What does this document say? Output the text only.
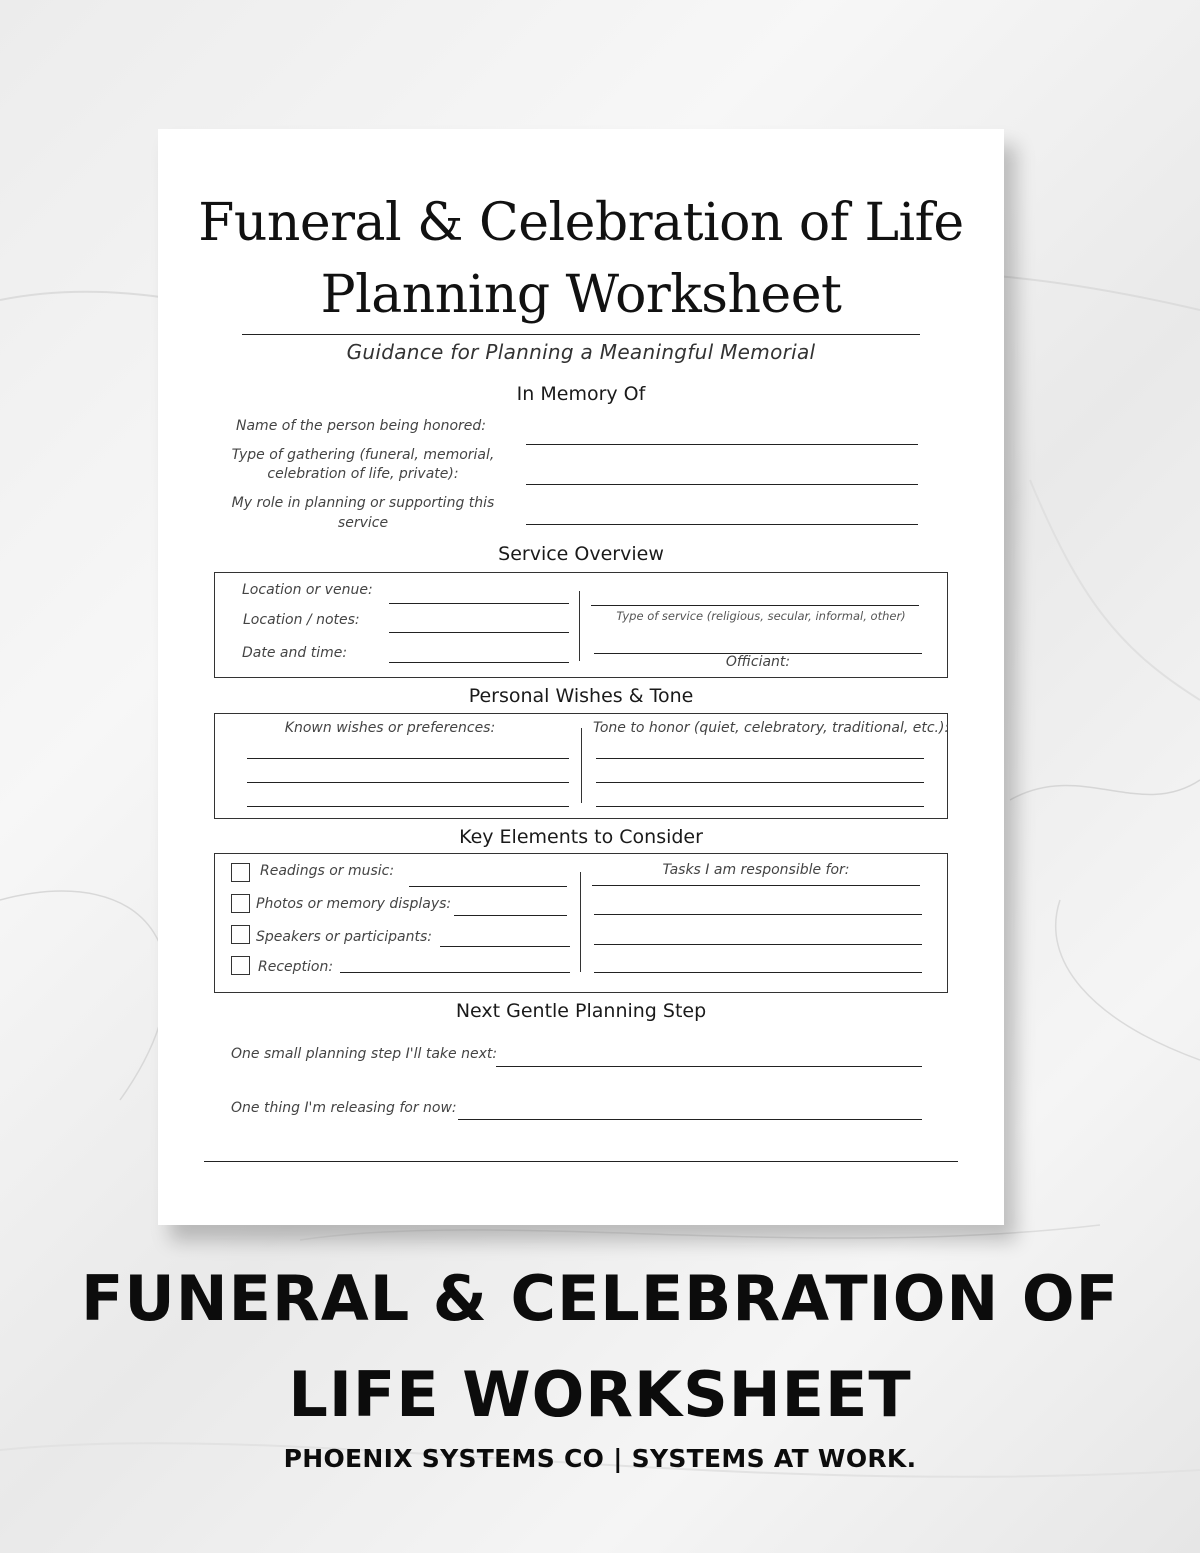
Funeral & Celebration of Life
Planning Worksheet
Guidance for Planning a Meaningful Memorial
In Memory Of
Name of the person being honored:
Type of gathering (funeral, memorial,
celebration of life, private):
My role in planning or supporting this
service
Service Overview
Location or venue:
Location / notes:
Date and time:
Type of service (religious, secular, informal, other)
Officiant:
Personal Wishes & Tone
Known wishes or preferences:	Tone to honor (quiet, celebratory, traditional, etc.):
Key Elements to Consider
Readings or music:
Photos or memory displays:
Speakers or participants:
Reception:
Tasks I am responsible for:
Next Gentle Planning Step
One small planning step I'll take next:
One thing I'm releasing for now:
FUNERAL & CELEBRATION OF
LIFE WORKSHEET
PHOENIX SYSTEMS CO | SYSTEMS AT WORK.
